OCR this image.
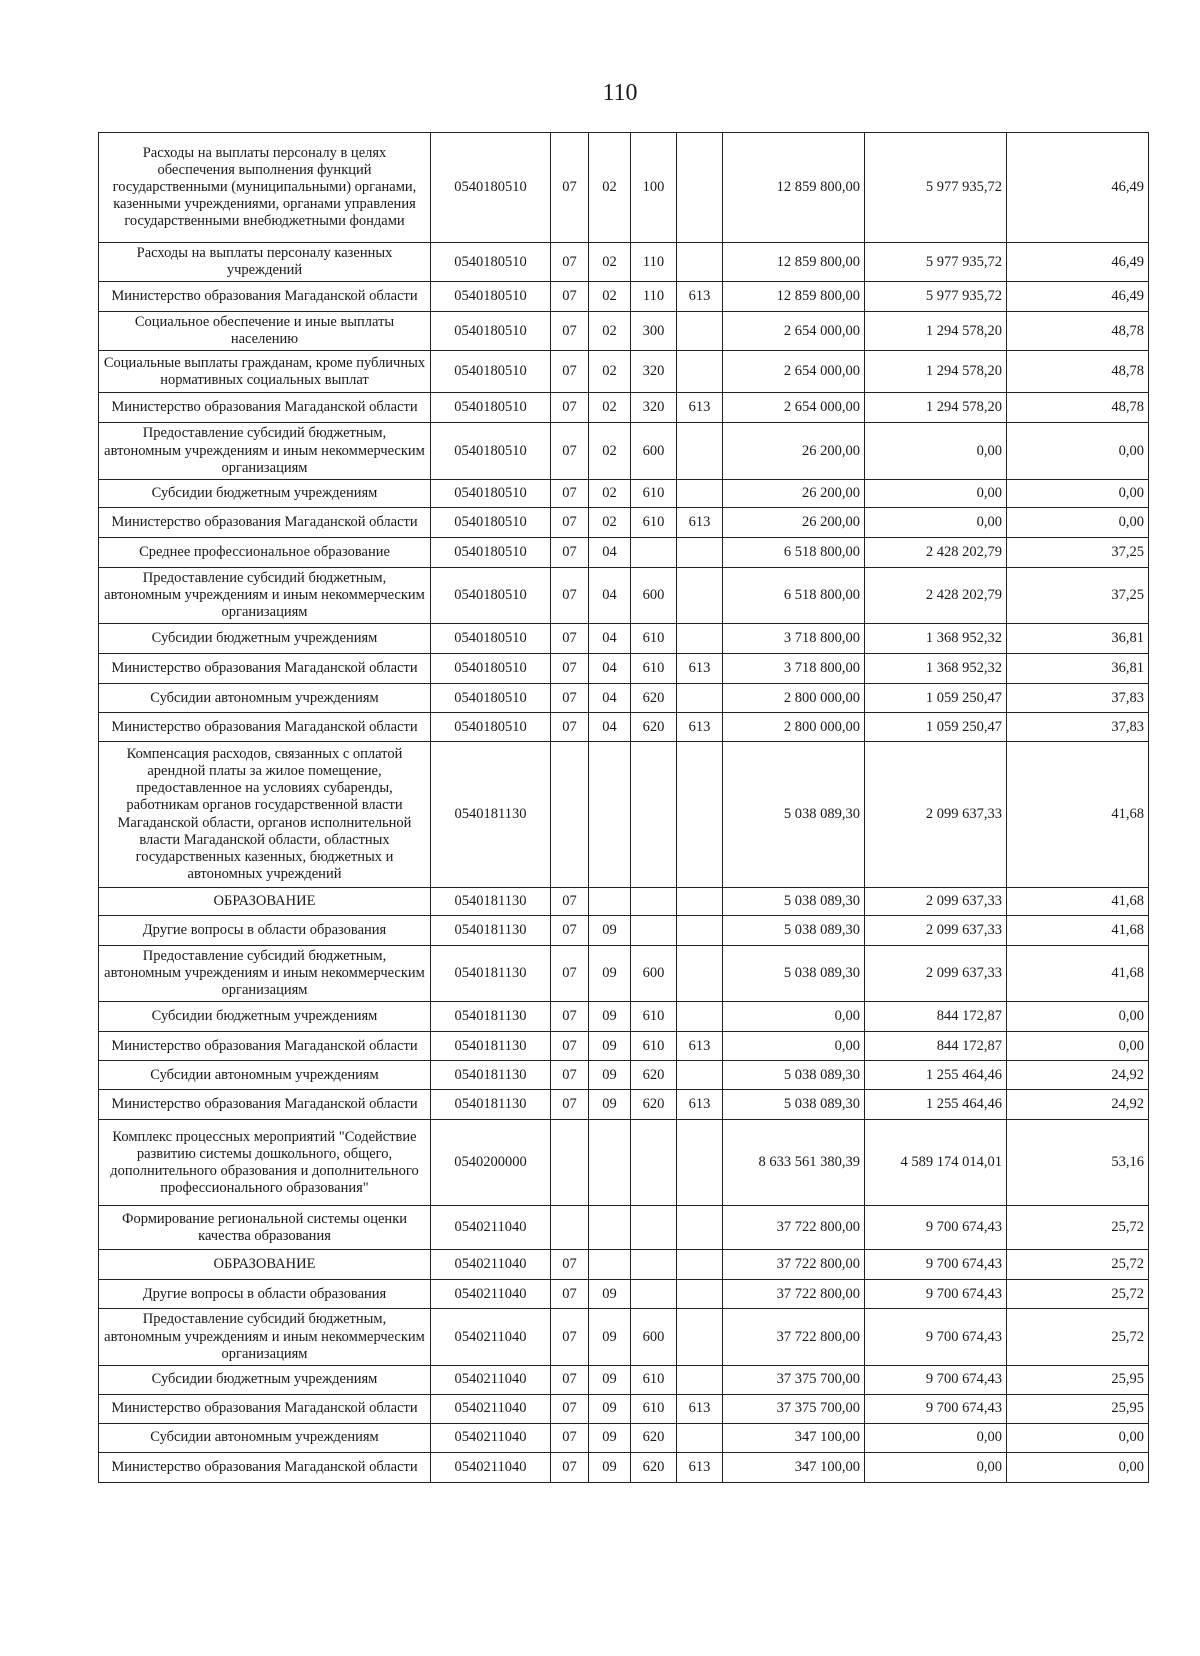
110
Расходы на выплаты персоналу в целях обеспечения выполнения функций государственными (муниципальными) органами, казенными учреждениями, органами управления государственными внебюджетными фондами	0540180510	07	02	100		12 859 800,00	5 977 935,72	46,49
Расходы на выплаты персоналу казенных учреждений	0540180510	07	02	110		12 859 800,00	5 977 935,72	46,49
Министерство образования Магаданской области	0540180510	07	02	110	613	12 859 800,00	5 977 935,72	46,49
Социальное обеспечение и иные выплаты населению	0540180510	07	02	300		2 654 000,00	1 294 578,20	48,78
Социальные выплаты гражданам, кроме публичных нормативных социальных выплат	0540180510	07	02	320		2 654 000,00	1 294 578,20	48,78
Министерство образования Магаданской области	0540180510	07	02	320	613	2 654 000,00	1 294 578,20	48,78
Предоставление субсидий бюджетным, автономным учреждениям и иным некоммерческим организациям	0540180510	07	02	600		26 200,00	0,00	0,00
Субсидии бюджетным учреждениям	0540180510	07	02	610		26 200,00	0,00	0,00
Министерство образования Магаданской области	0540180510	07	02	610	613	26 200,00	0,00	0,00
Среднее профессиональное образование	0540180510	07	04			6 518 800,00	2 428 202,79	37,25
Предоставление субсидий бюджетным, автономным учреждениям и иным некоммерческим организациям	0540180510	07	04	600		6 518 800,00	2 428 202,79	37,25
Субсидии бюджетным учреждениям	0540180510	07	04	610		3 718 800,00	1 368 952,32	36,81
Министерство образования Магаданской области	0540180510	07	04	610	613	3 718 800,00	1 368 952,32	36,81
Субсидии автономным учреждениям	0540180510	07	04	620		2 800 000,00	1 059 250,47	37,83
Министерство образования Магаданской области	0540180510	07	04	620	613	2 800 000,00	1 059 250,47	37,83
Компенсация расходов, связанных с оплатой арендной платы за жилое помещение, предоставленное на условиях субаренды, работникам органов государственной власти Магаданской области, органов исполнительной власти Магаданской области, областных государственных казенных, бюджетных и автономных учреждений	0540181130					5 038 089,30	2 099 637,33	41,68
ОБРАЗОВАНИЕ	0540181130	07				5 038 089,30	2 099 637,33	41,68
Другие вопросы в области образования	0540181130	07	09			5 038 089,30	2 099 637,33	41,68
Предоставление субсидий бюджетным, автономным учреждениям и иным некоммерческим организациям	0540181130	07	09	600		5 038 089,30	2 099 637,33	41,68
Субсидии бюджетным учреждениям	0540181130	07	09	610		0,00	844 172,87	0,00
Министерство образования Магаданской области	0540181130	07	09	610	613	0,00	844 172,87	0,00
Субсидии автономным учреждениям	0540181130	07	09	620		5 038 089,30	1 255 464,46	24,92
Министерство образования Магаданской области	0540181130	07	09	620	613	5 038 089,30	1 255 464,46	24,92
Комплекс процессных мероприятий "Содействие развитию системы дошкольного, общего, дополнительного образования и дополнительного профессионального образования"	0540200000					8 633 561 380,39	4 589 174 014,01	53,16
Формирование региональной системы оценки качества образования	0540211040					37 722 800,00	9 700 674,43	25,72
ОБРАЗОВАНИЕ	0540211040	07				37 722 800,00	9 700 674,43	25,72
Другие вопросы в области образования	0540211040	07	09			37 722 800,00	9 700 674,43	25,72
Предоставление субсидий бюджетным, автономным учреждениям и иным некоммерческим организациям	0540211040	07	09	600		37 722 800,00	9 700 674,43	25,72
Субсидии бюджетным учреждениям	0540211040	07	09	610		37 375 700,00	9 700 674,43	25,95
Министерство образования Магаданской области	0540211040	07	09	610	613	37 375 700,00	9 700 674,43	25,95
Субсидии автономным учреждениям	0540211040	07	09	620		347 100,00	0,00	0,00
Министерство образования Магаданской области	0540211040	07	09	620	613	347 100,00	0,00	0,00
